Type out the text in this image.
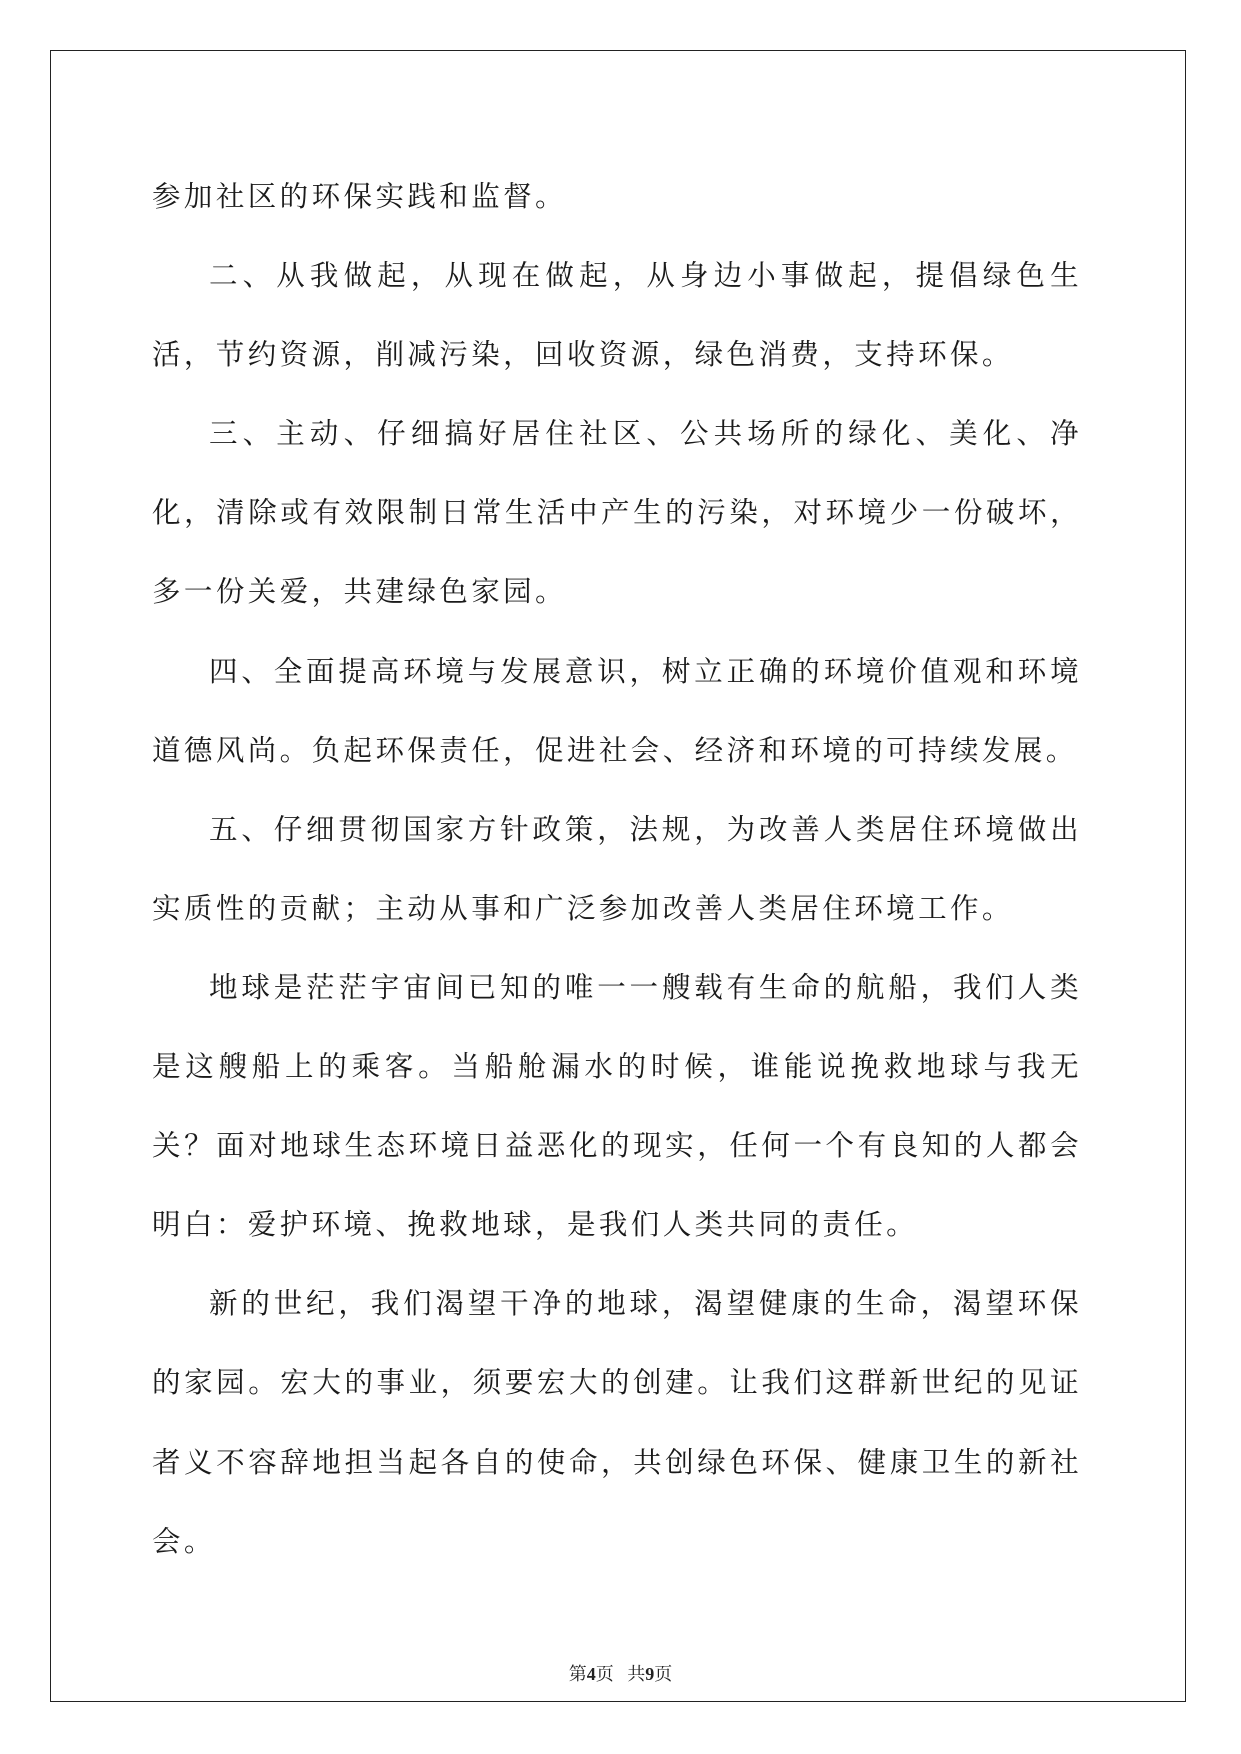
参加社区的环保实践和监督。

二、从我做起，从现在做起，从身边小事做起，提倡绿色生活，节约资源，削减污染，回收资源，绿色消费，支持环保。

三、主动、仔细搞好居住社区、公共场所的绿化、美化、净化，清除或有效限制日常生活中产生的污染，对环境少一份破坏，多一份关爱，共建绿色家园。

四、全面提高环境与发展意识，树立正确的环境价值观和环境道德风尚。负起环保责任，促进社会、经济和环境的可持续发展。

五、仔细贯彻国家方针政策，法规，为改善人类居住环境做出实质性的贡献；主动从事和广泛参加改善人类居住环境工作。

地球是茫茫宇宙间已知的唯一一艘载有生命的航船，我们人类是这艘船上的乘客。当船舱漏水的时候，谁能说挽救地球与我无关？面对地球生态环境日益恶化的现实，任何一个有良知的人都会明白：爱护环境、挽救地球，是我们人类共同的责任。

新的世纪，我们渴望干净的地球，渴望健康的生命，渴望环保的家园。宏大的事业，须要宏大的创建。让我们这群新世纪的见证者义不容辞地担当起各自的使命，共创绿色环保、健康卫生的新社会。

第4页 共9页
